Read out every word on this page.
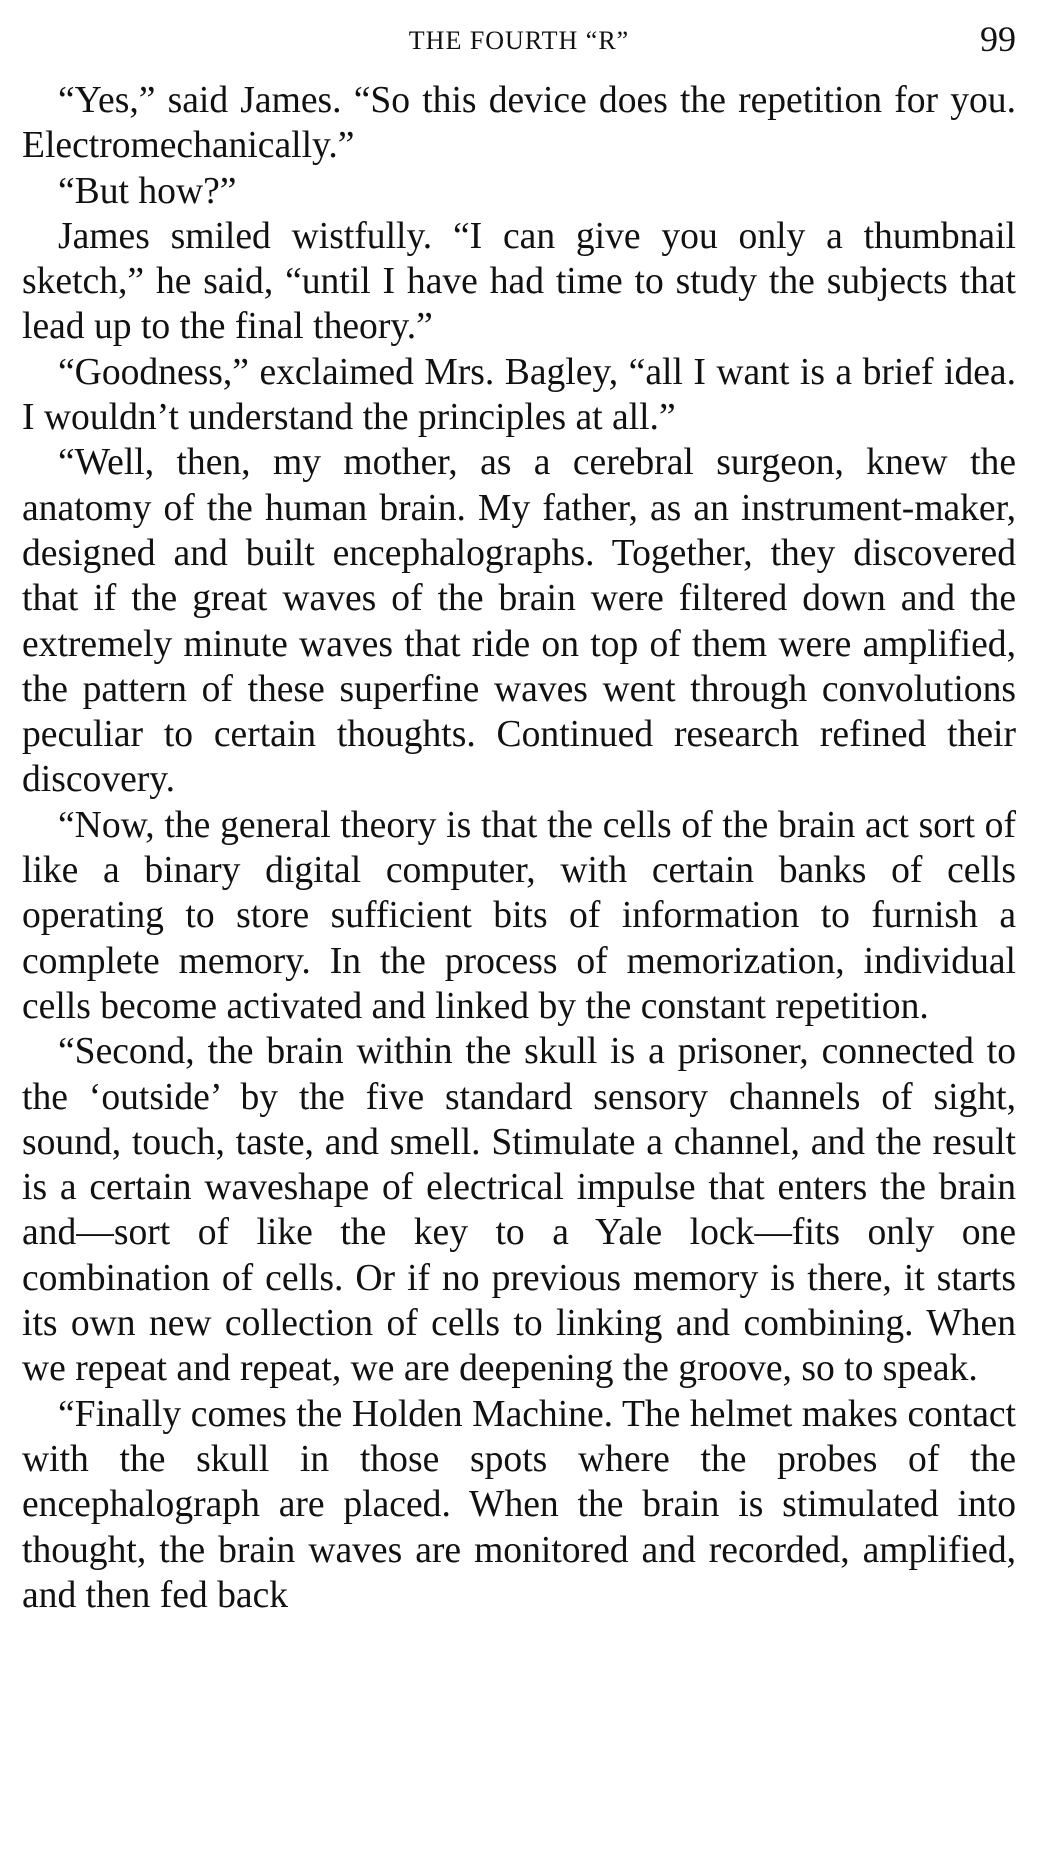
THE FOURTH “R”	99

“Yes,” said James. “So this device does the repetition for you. Electromechanically.”

“But how?”

James smiled wistfully. “I can give you only a thumbnail sketch,” he said, “until I have had time to study the subjects that lead up to the final theory.”

“Goodness,” exclaimed Mrs. Bagley, “all I want is a brief idea. I wouldn’t understand the principles at all.”

“Well, then, my mother, as a cerebral surgeon, knew the anatomy of the human brain. My father, as an instrument-maker, designed and built encephalographs. Together, they discovered that if the great waves of the brain were filtered down and the extremely minute waves that ride on top of them were amplified, the pattern of these superfine waves went through convolutions peculiar to certain thoughts. Continued research refined their discovery.

“Now, the general theory is that the cells of the brain act sort of like a binary digital computer, with certain banks of cells operating to store sufficient bits of information to furnish a complete memory. In the process of memorization, individual cells become activated and linked by the constant repetition.

“Second, the brain within the skull is a prisoner, connected to the ‘outside’ by the five standard sensory channels of sight, sound, touch, taste, and smell. Stimulate a channel, and the result is a certain waveshape of electrical impulse that enters the brain and—sort of like the key to a Yale lock—fits only one combination of cells. Or if no previous memory is there, it starts its own new collection of cells to linking and combining. When we repeat and repeat, we are deepening the groove, so to speak.

“Finally comes the Holden Machine. The helmet makes contact with the skull in those spots where the probes of the encephalograph are placed. When the brain is stimulated into thought, the brain waves are monitored and recorded, amplified, and then fed back
